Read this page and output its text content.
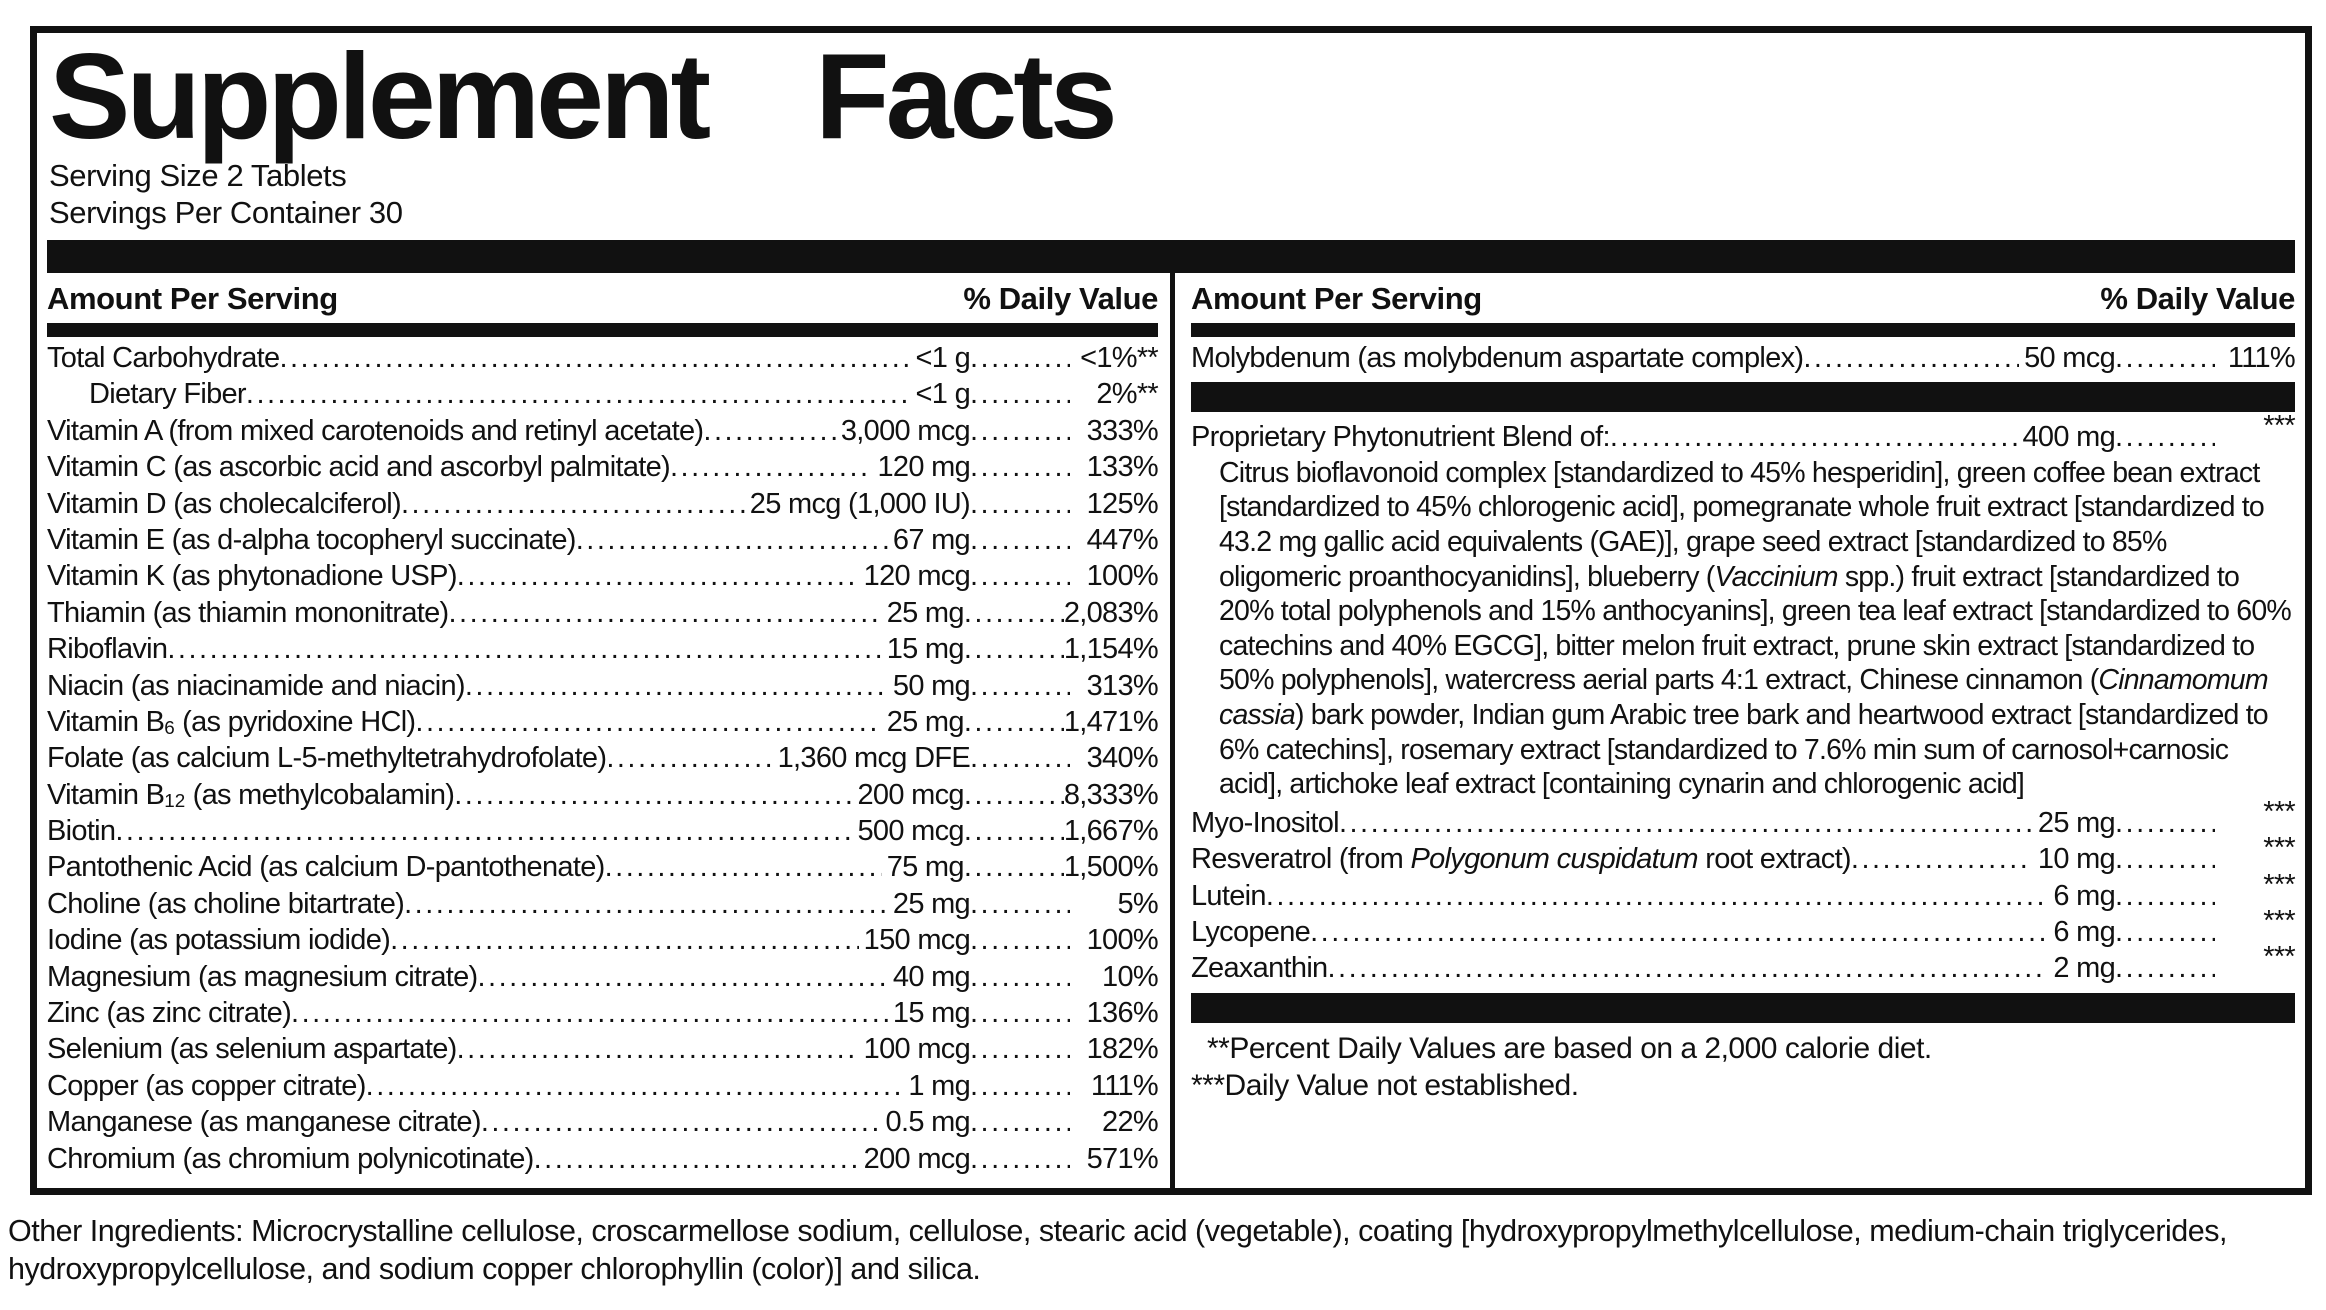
Supplement Facts
Serving Size 2 Tablets
Servings Per Container 30
Amount Per Serving	% Daily Value
Total Carbohydrate .....	<1 g .....	<1%**
Dietary Fiber .....	<1 g .....	2%**
Vitamin A (from mixed carotenoids and retinyl acetate) .....	3,000 mcg .....	333%
Vitamin C (as ascorbic acid and ascorbyl palmitate) .....	120 mg .....	133%
Vitamin D (as cholecalciferol) .....	25 mcg (1,000 IU) .....	125%
Vitamin E (as d-alpha tocopheryl succinate) .....	67 mg .....	447%
Vitamin K (as phytonadione USP) .....	120 mcg .....	100%
Thiamin (as thiamin mononitrate) .....	25 mg .....	2,083%
Riboflavin .....	15 mg .....	1,154%
Niacin (as niacinamide and niacin) .....	50 mg .....	313%
Vitamin B6 (as pyridoxine HCl) .....	25 mg .....	1,471%
Folate (as calcium L-5-methyltetrahydrofolate) .....	1,360 mcg DFE .....	340%
Vitamin B12 (as methylcobalamin) .....	200 mcg .....	8,333%
Biotin .....	500 mcg .....	1,667%
Pantothenic Acid (as calcium D-pantothenate) .....	75 mg .....	1,500%
Choline (as choline bitartrate) .....	25 mg .....	5%
Iodine (as potassium iodide) .....	150 mcg .....	100%
Magnesium (as magnesium citrate) .....	40 mg .....	10%
Zinc (as zinc citrate) .....	15 mg .....	136%
Selenium (as selenium aspartate) .....	100 mcg .....	182%
Copper (as copper citrate) .....	1 mg .....	111%
Manganese (as manganese citrate) .....	0.5 mg .....	22%
Chromium (as chromium polynicotinate) .....	200 mcg .....	571%
Amount Per Serving	% Daily Value
Molybdenum (as molybdenum aspartate complex) .....	50 mcg .....	111%
Proprietary Phytonutrient Blend of: .....	400 mg .....	***

Citrus bioflavonoid complex [standardized to 45% hesperidin], green coffee bean extract [standardized to 45% chlorogenic acid], pomegranate whole fruit extract [standardized to 43.2 mg gallic acid equivalents (GAE)], grape seed extract [standardized to 85% oligomeric proanthocyanidins], blueberry (Vaccinium spp.) fruit extract [standardized to 20% total polyphenols and 15% anthocyanins], green tea leaf extract [standardized to 60% catechins and 40% EGCG], bitter melon fruit extract, prune skin extract [standardized to 50% polyphenols], watercress aerial parts 4:1 extract, Chinese cinnamon (Cinnamomum cassia) bark powder, Indian gum Arabic tree bark and heartwood extract [standardized to 6% catechins], rosemary extract [standardized to 7.6% min sum of carnosol+carnosic acid], artichoke leaf extract [containing cynarin and chlorogenic acid]

Myo-Inositol .....	25 mg .....	***
Resveratrol (from Polygonum cuspidatum root extract) .....	10 mg .....	***
Lutein .....	6 mg .....	***
Lycopene .....	6 mg .....	***
Zeaxanthin .....	2 mg .....	***
**Percent Daily Values are based on a 2,000 calorie diet.
***Daily Value not established.

Other Ingredients: Microcrystalline cellulose, croscarmellose sodium, cellulose, stearic acid (vegetable), coating [hydroxypropylmethylcellulose, medium-chain triglycerides, hydroxypropylcellulose, and sodium copper chlorophyllin (color)] and silica.
